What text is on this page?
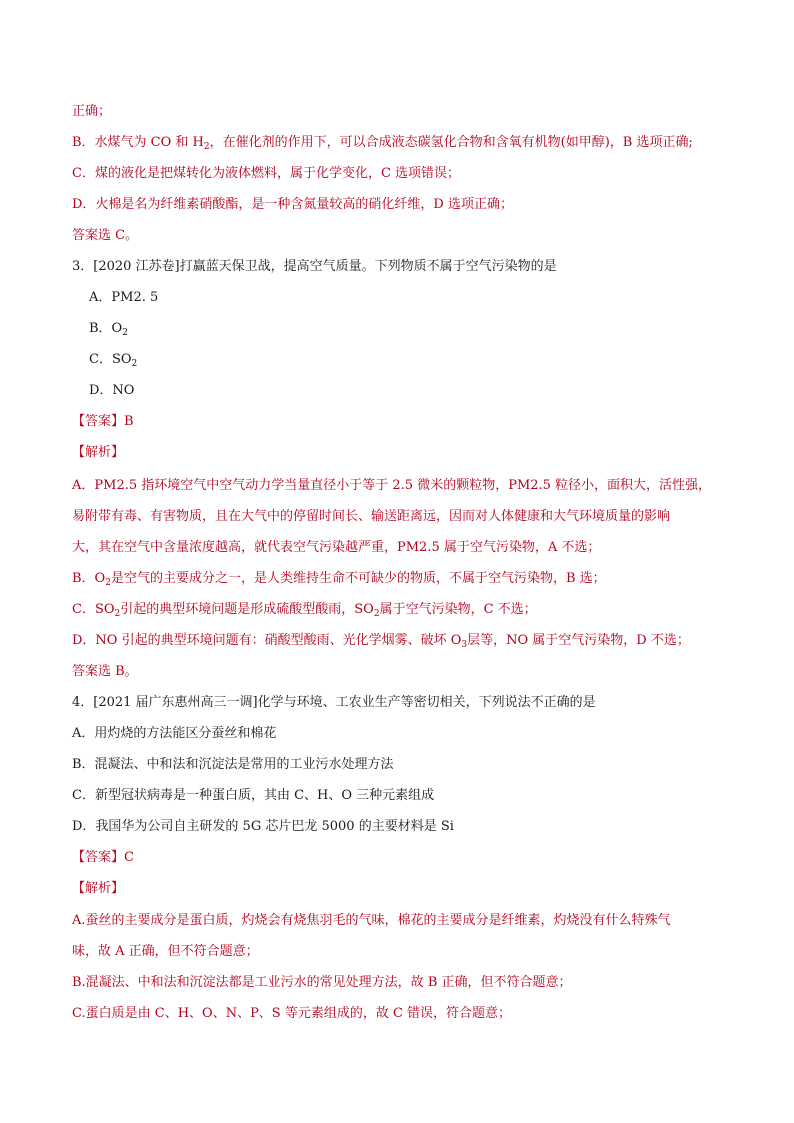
正确；
B．水煤气为 CO 和 $H_2$，在催化剂的作用下，可以合成液态碳氢化合物和含氧有机物(如甲醇)，B 选项正确;
C．煤的液化是把煤转化为液体燃料，属于化学变化，C 选项错误；
D．火棉是名为纤维素硝酸酯，是一种含氮量较高的硝化纤维，D 选项正确；
答案选 C。
3．[2020 江苏卷]打赢蓝天保卫战，提高空气质量。下列物质不属于空气污染物的是
A．PM2. 5
B．$O_2$
C．$SO_2$
D．NO
【答案】B
【解析】
A．PM2.5 指环境空气中空气动力学当量直径小于等于 2.5 微米的颗粒物，PM2.5 粒径小，面积大，活性强，
易附带有毒、有害物质，且在大气中的停留时间长、输送距离远，因而对人体健康和大气环境质量的影响
大，其在空气中含量浓度越高，就代表空气污染越严重，PM2.5 属于空气污染物，A 不选；
B．$O_2$是空气的主要成分之一，是人类维持生命不可缺少的物质，不属于空气污染物，B 选；
C．$SO_2$引起的典型环境问题是形成硫酸型酸雨，$SO_2$属于空气污染物，C 不选；
D．NO 引起的典型环境问题有：硝酸型酸雨、光化学烟雾、破坏 $O_3$层等，NO 属于空气污染物，D 不选；
答案选 B。
4．[2021 届广东惠州高三一调]化学与环境、工农业生产等密切相关，下列说法不正确的是
A．用灼烧的方法能区分蚕丝和棉花
B．混凝法、中和法和沉淀法是常用的工业污水处理方法
C．新型冠状病毒是一种蛋白质，其由 C、H、O 三种元素组成
D．我国华为公司自主研发的 5G 芯片巴龙 5000 的主要材料是 Si
【答案】C
【解析】
A.蚕丝的主要成分是蛋白质，灼烧会有烧焦羽毛的气味，棉花的主要成分是纤维素，灼烧没有什么特殊气
味，故 A 正确，但不符合题意；
B.混凝法、中和法和沉淀法都是工业污水的常见处理方法，故 B 正确，但不符合题意；
C.蛋白质是由 C、H、O、N、P、S 等元素组成的，故 C 错误，符合题意；
